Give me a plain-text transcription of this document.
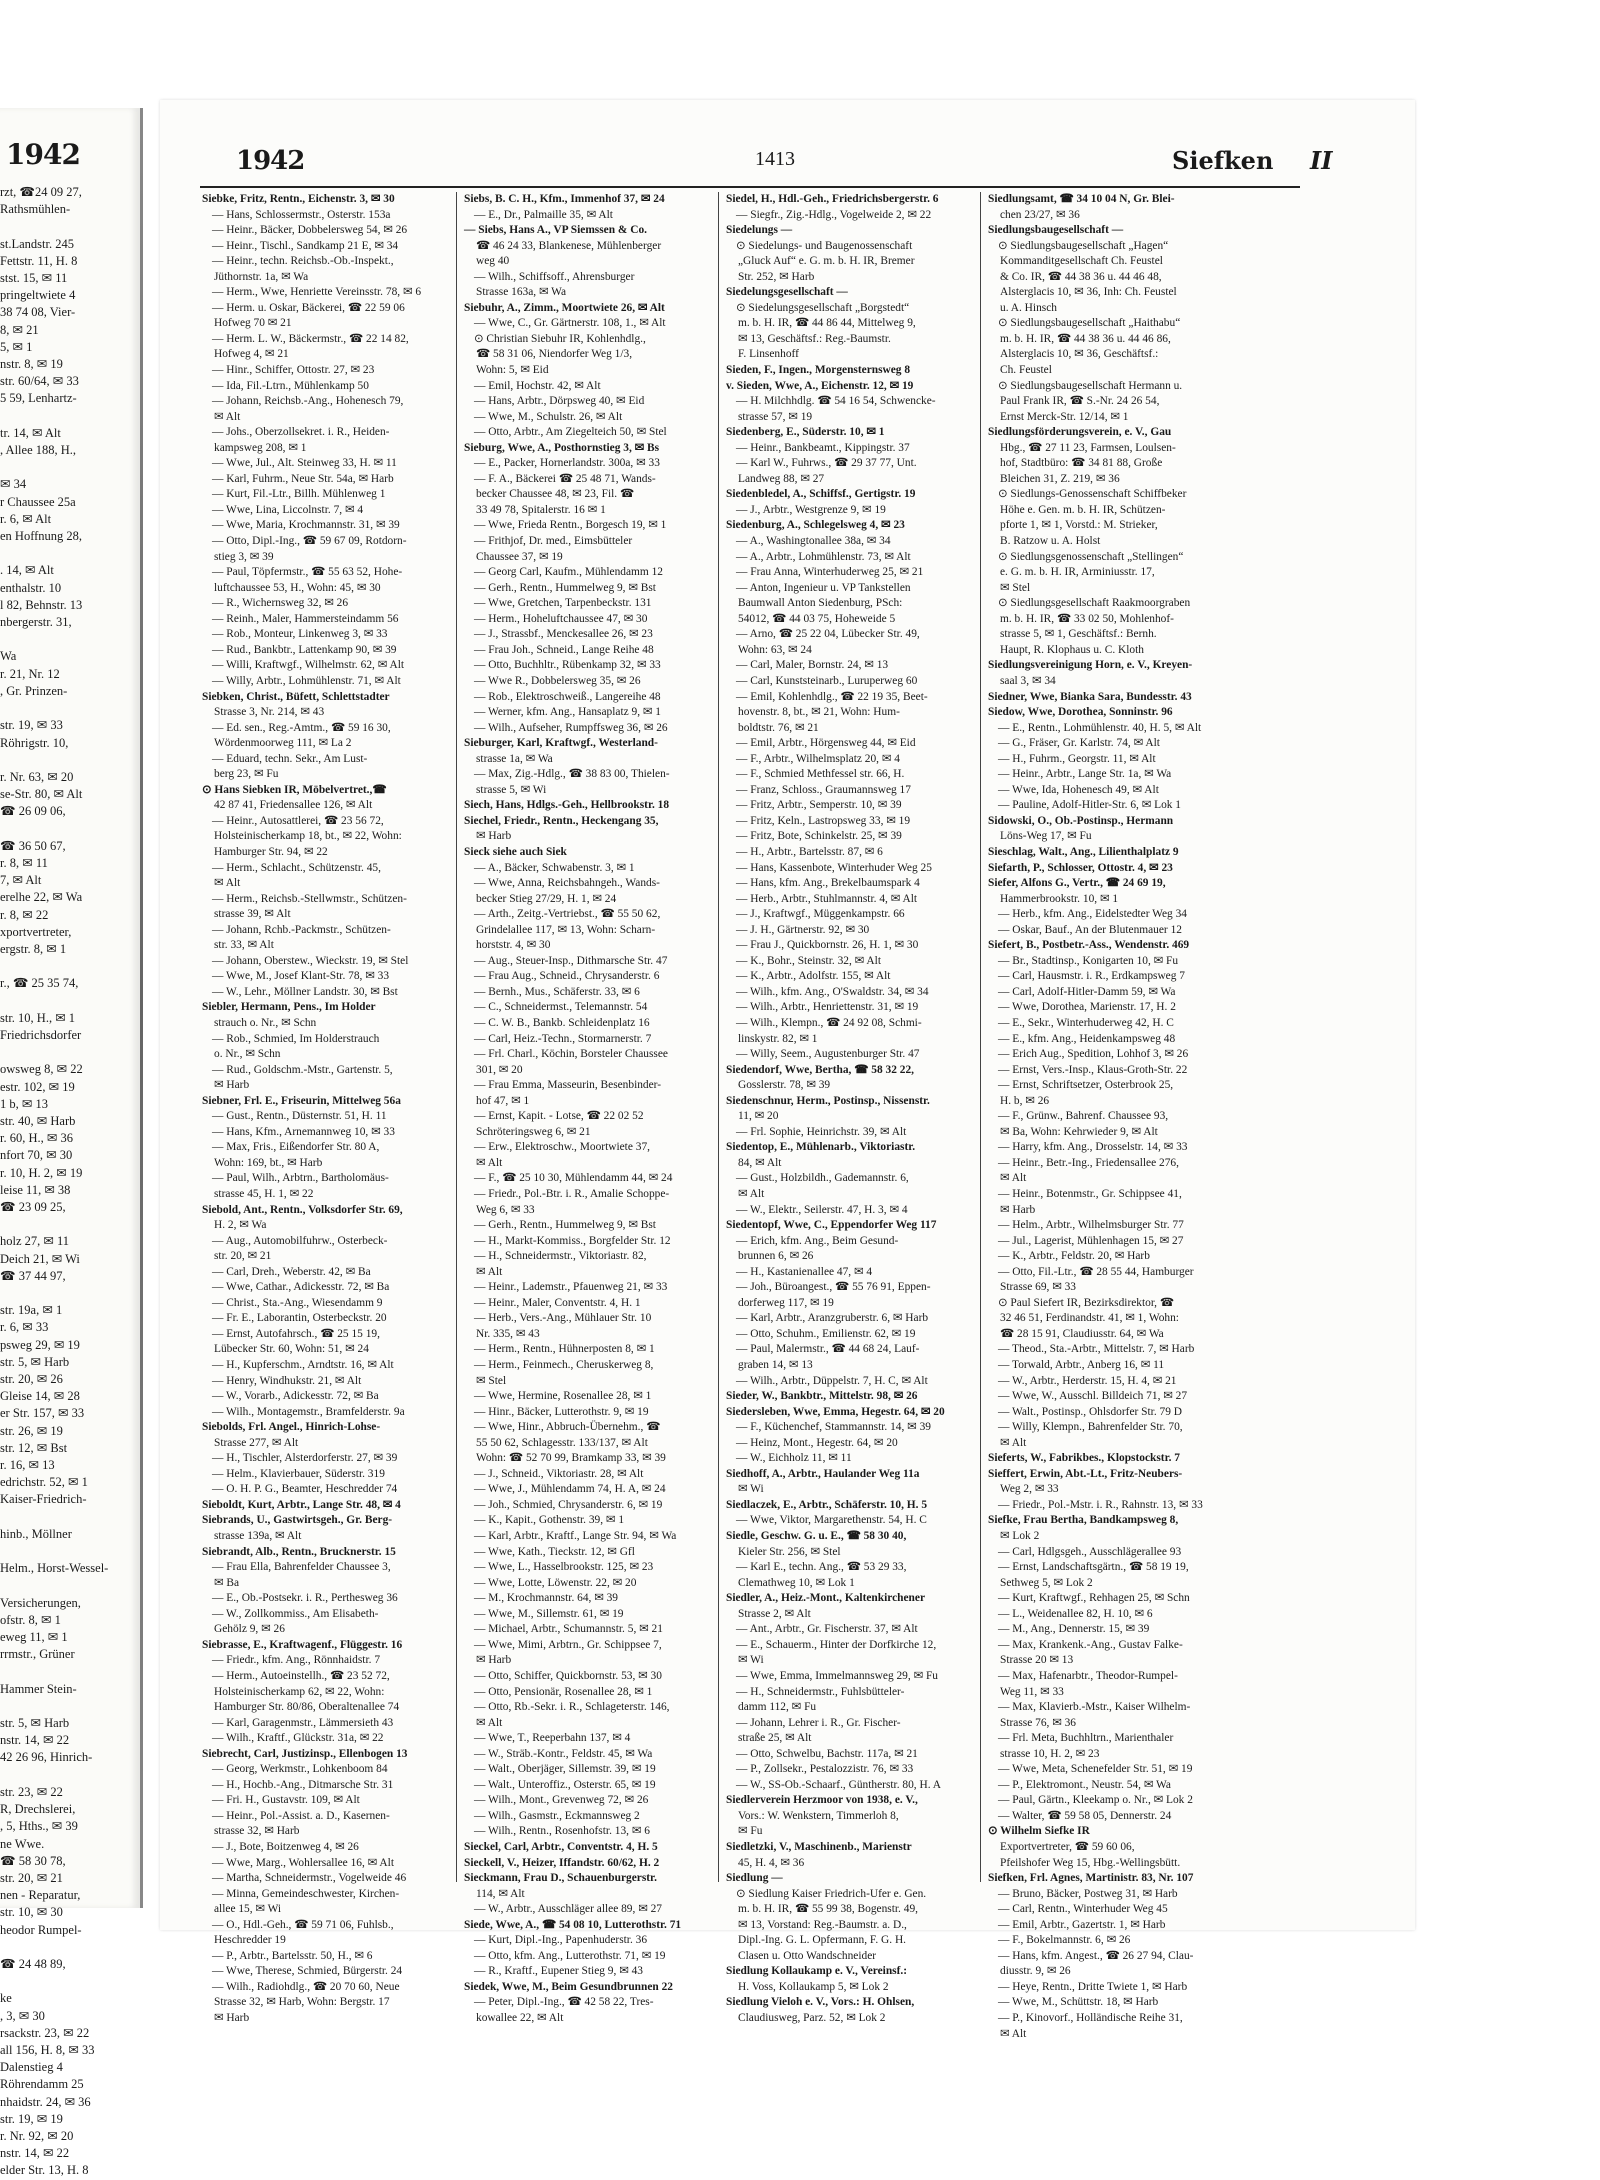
1942
rzt, ☎24 09 27,
Rathsmühlen-

st.Landstr. 245
Fettstr. 11, H. 8
stst. 15, ✉ 11
pringeltwiete 4
38 74 08, Vier-
8, ✉ 21
5, ✉ 1
nstr. 8, ✉ 19
str. 60/64, ✉ 33
5 59, Lenhartz-

tr. 14, ✉ Alt
, Allee 188, H.,

✉ 34
r Chaussee 25a
r. 6, ✉ Alt
en Hoffnung 28,

. 14, ✉ Alt
enthalstr. 10
l 82, Behnstr. 13
nbergerstr. 31,

Wa
r. 21, Nr. 12
, Gr. Prinzen-

str. 19, ✉ 33
Röhrigstr. 10,

r. Nr. 63, ✉ 20
se-Str. 80, ✉ Alt
☎ 26 09 06,

☎ 36 50 67,
r. 8, ✉ 11
7, ✉ Alt
erelhe 22, ✉ Wa
r. 8, ✉ 22
xportvertreter,
ergstr. 8, ✉ 1

r., ☎ 25 35 74,

str. 10, H., ✉ 1
Friedrichsdorfer

owsweg 8, ✉ 22
estr. 102, ✉ 19
1 b, ✉ 13
str. 40, ✉ Harb
r. 60, H., ✉ 36
nfort 70, ✉ 30
r. 10, H. 2, ✉ 19
leise 11, ✉ 38
☎ 23 09 25,

holz 27, ✉ 11
Deich 21, ✉ Wi
☎ 37 44 97,

str. 19a, ✉ 1
r. 6, ✉ 33
psweg 29, ✉ 19
str. 5, ✉ Harb
str. 20, ✉ 26
Gleise 14, ✉ 28
er Str. 157, ✉ 33
str. 26, ✉ 19
str. 12, ✉ Bst
r. 16, ✉ 13
edrichstr. 52, ✉ 1
Kaiser-Friedrich-

hinb., Möllner

Helm., Horst-Wessel-

Versicherungen,
ofstr. 8, ✉ 1
eweg 11, ✉ 1
rrmstr., Grüner

Hammer Stein-

str. 5, ✉ Harb
nstr. 14, ✉ 22
42 26 96, Hinrich-

str. 23, ✉ 22
R, Drechslerei,
, 5, Hths., ✉ 39
ne Wwe.
☎ 58 30 78,
str. 20, ✉ 21
nen - Reparatur,
str. 10, ✉ 30
heodor Rumpel-

☎ 24 48 89,

ke
, 3, ✉ 30
rsackstr. 23, ✉ 22
all 156, H. 8, ✉ 33
Dalenstieg 4
Röhrendamm 25
nhaidstr. 24, ✉ 36
str. 19, ✉ 19
r. Nr. 92, ✉ 20
nstr. 14, ✉ 22
elder Str. 13, H. 8
1942	1413	Siefken II
Siebke, Fritz, Rentn., Eichenstr. 3, ✉ 30
— Hans, Schlossermstr., Osterstr. 153a
— Heinr., Bäcker, Dobbelersweg 54, ✉ 26
— Heinr., Tischl., Sandkamp 21 E, ✉ 34
— Heinr., techn. Reichsb.-Ob.-Inspekt.,
Jüthornstr. 1a, ✉ Wa
— Herm., Wwe, Henriette Vereinsstr. 78, ✉ 6
— Herm. u. Oskar, Bäckerei, ☎ 22 59 06
Hofweg 70 ✉ 21
— Herm. L. W., Bäckermstr., ☎ 22 14 82,
Hofweg 4, ✉ 21
— Hinr., Schiffer, Ottostr. 27, ✉ 23
— Ida, Fil.-Ltrn., Mühlenkamp 50
— Johann, Reichsb.-Ang., Hohenesch 79,
✉ Alt
— Johs., Oberzollsekret. i. R., Heiden-
kampsweg 208, ✉ 1
— Wwe, Jul., Alt. Steinweg 33, H. ✉ 11
— Karl, Fuhrm., Neue Str. 54a, ✉ Harb
— Kurt, Fil.-Ltr., Billh. Mühlenweg 1
— Wwe, Lina, Liccolnstr. 7, ✉ 4
— Wwe, Maria, Krochmannstr. 31, ✉ 39
— Otto, Dipl.-Ing., ☎ 59 67 09, Rotdorn-
stieg 3, ✉ 39
— Paul, Töpfermstr., ☎ 55 63 52, Hohe-
luftchaussee 53, H., Wohn: 45, ✉ 30
— R., Wichernsweg 32, ✉ 26
— Reinh., Maler, Hammersteindamm 56
— Rob., Monteur, Linkenweg 3, ✉ 33
— Rud., Bankbtr., Lattenkamp 90, ✉ 39
— Willi, Kraftwgf., Wilhelmstr. 62, ✉ Alt
— Willy, Arbtr., Lohmühlenstr. 71, ✉ Alt
Siebken, Christ., Büfett, Schlettstadter
Strasse 3, Nr. 214, ✉ 43
— Ed. sen., Reg.-Amtm., ☎ 59 16 30,
Wördenmoorweg 111, ✉ La 2
— Eduard, techn. Sekr., Am Lust-
berg 23, ✉ Fu
⊙ Hans Siebken IR, Möbelvertret.,☎
42 87 41, Friedensallee 126, ✉ Alt
— Heinr., Autosattlerei, ☎ 23 56 72,
Holsteinischerkamp 18, bt., ✉ 22, Wohn:
Hamburger Str. 94, ✉ 22
— Herm., Schlacht., Schützenstr. 45,
✉ Alt
— Herm., Reichsb.-Stellwmstr., Schützen-
strasse 39, ✉ Alt
— Johann, Rchb.-Packmstr., Schützen-
str. 33, ✉ Alt
— Johann, Oberstew., Wieckstr. 19, ✉ Stel
— Wwe, M., Josef Klant-Str. 78, ✉ 33
— W., Lehr., Möllner Landstr. 30, ✉ Bst
Siebler, Hermann, Pens., Im Holder
strauch o. Nr., ✉ Schn
— Rob., Schmied, Im Holderstrauch
o. Nr., ✉ Schn
— Rud., Goldschm.-Mstr., Gartenstr. 5,
✉ Harb
Siebner, Frl. E., Friseurin, Mittelweg 56a
— Gust., Rentn., Düsternstr. 51, H. 11
— Hans, Kfm., Arnemannweg 10, ✉ 33
— Max, Fris., Eißendorfer Str. 80 A,
Wohn: 169, bt., ✉ Harb
— Paul, Wilh., Arbtrn., Bartholomäus-
strasse 45, H. 1, ✉ 22
Siebold, Ant., Rentn., Volksdorfer Str. 69,
H. 2, ✉ Wa
— Aug., Automobilfuhrw., Osterbeck-
str. 20, ✉ 21
— Carl, Dreh., Weberstr. 42, ✉ Ba
— Wwe, Cathar., Adickesstr. 72, ✉ Ba
— Christ., Sta.-Ang., Wiesendamm 9
— Fr. E., Laborantin, Osterbeckstr. 20
— Ernst, Autofahrsch., ☎ 25 15 19,
Lübecker Str. 60, Wohn: 51, ✉ 24
— H., Kupferschm., Arndtstr. 16, ✉ Alt
— Henry, Windhukstr. 21, ✉ Alt
— W., Vorarb., Adickesstr. 72, ✉ Ba
— Wilh., Montagemstr., Bramfelderstr. 9a
Siebolds, Frl. Angel., Hinrich-Lohse-
Strasse 277, ✉ Alt
— H., Tischler, Alsterdorferstr. 27, ✉ 39
— Helm., Klavierbauer, Süderstr. 319
— O. H. P. G., Beamter, Heschredder 74
Sieboldt, Kurt, Arbtr., Lange Str. 48, ✉ 4
Siebrands, U., Gastwirtsgeh., Gr. Berg-
strasse 139a, ✉ Alt
Siebrandt, Alb., Rentn., Brucknerstr. 15
— Frau Ella, Bahrenfelder Chaussee 3,
✉ Ba
— E., Ob.-Postsekr. i. R., Perthesweg 36
— W., Zollkommiss., Am Elisabeth-
Gehölz 9, ✉ 26
Siebrasse, E., Kraftwagenf., Flüggestr. 16
— Friedr., kfm. Ang., Rönnhaidstr. 7
— Herm., Autoeinstellh., ☎ 23 52 72,
Holsteinischerkamp 62, ✉ 22, Wohn:
Hamburger Str. 80/86, Oberaltenallee 74
— Karl, Garagenmstr., Lämmersieth 43
— Wilh., Kraftf., Glückstr. 31a, ✉ 22
Siebrecht, Carl, Justizinsp., Ellenbogen 13
— Georg, Werkmstr., Lohkenboom 84
— H., Hochb.-Ang., Ditmarsche Str. 31
— Fri. H., Gustavstr. 109, ✉ Alt
— Heinr., Pol.-Assist. a. D., Kasernen-
strasse 32, ✉ Harb
— J., Bote, Boitzenweg 4, ✉ 26
— Wwe, Marg., Wohlersallee 16, ✉ Alt
— Martha, Schneidermstr., Vogelweide 46
— Minna, Gemeindeschwester, Kirchen-
allee 15, ✉ Wi
— O., Hdl.-Geh., ☎ 59 71 06, Fuhlsb.,
Heschredder 19
— P., Arbtr., Bartelsstr. 50, H., ✉ 6
— Wwe, Therese, Schmied, Bürgerstr. 24
— Wilh., Radiohdlg., ☎ 20 70 60, Neue
Strasse 32, ✉ Harb, Wohn: Bergstr. 17
✉ Harb
Siebs, B. C. H., Kfm., Immenhof 37, ✉ 24
— E., Dr., Palmaille 35, ✉ Alt
— Siebs, Hans A., VP Siemssen & Co.
☎ 46 24 33, Blankenese, Mühlenberger
weg 40
— Wilh., Schiffsoff., Ahrensburger
Strasse 163a, ✉ Wa
Siebuhr, A., Zimm., Moortwiete 26, ✉ Alt
— Wwe, C., Gr. Gärtnerstr. 108, 1., ✉ Alt
⊙ Christian Siebuhr IR, Kohlenhdlg.,
☎ 58 31 06, Niendorfer Weg 1/3,
Wohn: 5, ✉ Eid
— Emil, Hochstr. 42, ✉ Alt
— Hans, Arbtr., Dörpsweg 40, ✉ Eid
— Wwe, M., Schulstr. 26, ✉ Alt
— Otto, Arbtr., Am Ziegelteich 50, ✉ Stel
Sieburg, Wwe, A., Posthornstieg 3, ✉ Bs
— E., Packer, Hornerlandstr. 300a, ✉ 33
— F. A., Bäckerei ☎ 25 48 71, Wands-
becker Chaussee 48, ✉ 23, Fil. ☎
33 49 78, Spitalerstr. 16 ✉ 1
— Wwe, Frieda Rentn., Borgesch 19, ✉ 1
— Frithjof, Dr. med., Eimsbütteler
Chaussee 37, ✉ 19
— Georg Carl, Kaufm., Mühlendamm 12
— Gerh., Rentn., Hummelweg 9, ✉ Bst
— Wwe, Gretchen, Tarpenbeckstr. 131
— Herm., Hoheluftchaussee 47, ✉ 30
— J., Strassbf., Menckesallee 26, ✉ 23
— Frau Joh., Schneid., Lange Reihe 48
— Otto, Buchhltr., Rübenkamp 32, ✉ 33
— Wwe R., Dobbelersweg 35, ✉ 26
— Rob., Elektroschweiß., Langereihe 48
— Werner, kfm. Ang., Hansaplatz 9, ✉ 1
— Wilh., Aufseher, Rumpffsweg 36, ✉ 26
Sieburger, Karl, Kraftwgf., Westerland-
strasse 1a, ✉ Wa
— Max, Zig.-Hdlg., ☎ 38 83 00, Thielen-
strasse 5, ✉ Wi
Siech, Hans, Hdlgs.-Geh., Hellbrookstr. 18
Siechel, Friedr., Rentn., Heckengang 35,
✉ Harb
Sieck siehe auch Siek
— A., Bäcker, Schwabenstr. 3, ✉ 1
— Wwe, Anna, Reichsbahngeh., Wands-
becker Stieg 27/29, H. 1, ✉ 24
— Arth., Zeitg.-Vertriebst., ☎ 55 50 62,
Grindelallee 117, ✉ 13, Wohn: Scharn-
horststr. 4, ✉ 30
— Aug., Steuer-Insp., Dithmarsche Str. 47
— Frau Aug., Schneid., Chrysanderstr. 6
— Bernh., Mus., Schäferstr. 33, ✉ 6
— C., Schneidermst., Telemannstr. 54
— C. W. B., Bankb. Schleidenplatz 16
— Carl, Heiz.-Techn., Stormarnerstr. 7
— Frl. Charl., Köchin, Borsteler Chaussee
301, ✉ 20
— Frau Emma, Masseurin, Besenbinder-
hof 47, ✉ 1
— Ernst, Kapit. - Lotse, ☎ 22 02 52
Schröteringsweg 6, ✉ 21
— Erw., Elektroschw., Moortwiete 37,
✉ Alt
— F., ☎ 25 10 30, Mühlendamm 44, ✉ 24
— Friedr., Pol.-Btr. i. R., Amalie Schoppe-
Weg 6, ✉ 33
— Gerh., Rentn., Hummelweg 9, ✉ Bst
— H., Markt-Kommiss., Borgfelder Str. 12
— H., Schneidermstr., Viktoriastr. 82,
✉ Alt
— Heinr., Lademstr., Pfauenweg 21, ✉ 33
— Heinr., Maler, Conventstr. 4, H. 1
— Herb., Vers.-Ang., Mühlauer Str. 10
Nr. 335, ✉ 43
— Herm., Rentn., Hühnerposten 8, ✉ 1
— Herm., Feinmech., Cheruskerweg 8,
✉ Stel
— Wwe, Hermine, Rosenallee 28, ✉ 1
— Hinr., Bäcker, Lutterothstr. 9, ✉ 19
— Wwe, Hinr., Abbruch-Übernehm., ☎
55 50 62, Schlagesstr. 133/137, ✉ Alt
Wohn: ☎ 52 70 99, Bramkamp 33, ✉ 39
— J., Schneid., Viktoriastr. 28, ✉ Alt
— Wwe, J., Mühlendamm 74, H. A, ✉ 24
— Joh., Schmied, Chrysanderstr. 6, ✉ 19
— K., Kapit., Gothenstr. 39, ✉ 1
— Karl, Arbtr., Kraftf., Lange Str. 94, ✉ Wa
— Wwe, Kath., Tieckstr. 12, ✉ Gfl
— Wwe, L., Hasselbrookstr. 125, ✉ 23
— Wwe, Lotte, Löwenstr. 22, ✉ 20
— M., Krochmannstr. 64, ✉ 39
— Wwe, M., Sillemstr. 61, ✉ 19
— Michael, Arbtr., Schumannstr. 5, ✉ 21
— Wwe, Mimi, Arbtrn., Gr. Schippsee 7,
✉ Harb
— Otto, Schiffer, Quickbornstr. 53, ✉ 30
— Otto, Pensionär, Rosenallee 28, ✉ 1
— Otto, Rb.-Sekr. i. R., Schlageterstr. 146,
✉ Alt
— Wwe, T., Reeperbahn 137, ✉ 4
— W., Sträb.-Kontr., Feldstr. 45, ✉ Wa
— Walt., Oberjäger, Sillemstr. 39, ✉ 19
— Walt., Unteroffiz., Osterstr. 65, ✉ 19
— Wilh., Mont., Grevenweg 72, ✉ 26
— Wilh., Gasmstr., Eckmannsweg 2
— Wilh., Rentn., Rosenhofstr. 13, ✉ 6
Sieckel, Carl, Arbtr., Conventstr. 4, H. 5
Sieckell, V., Heizer, Iffandstr. 60/62, H. 2
Sieckmann, Frau D., Schauenburgerstr.
114, ✉ Alt
— W., Arbtr., Ausschläger allee 89, ✉ 27
Siede, Wwe, A., ☎ 54 08 10, Lutterothstr. 71
— Kurt, Dipl.-Ing., Papenhuderstr. 36
— Otto, kfm. Ang., Lutterothstr. 71, ✉ 19
— R., Kraftf., Eupener Stieg 9, ✉ 43
Siedek, Wwe, M., Beim Gesundbrunnen 22
— Peter, Dipl.-Ing., ☎ 42 58 22, Tres-
kowallee 22, ✉ Alt
Siedel, H., Hdl.-Geh., Friedrichsbergerstr. 6
— Siegfr., Zig.-Hdlg., Vogelweide 2, ✉ 22
Siedelungs —
⊙ Siedelungs- und Baugenossenschaft
„Gluck Auf“ e. G. m. b. H. IR, Bremer
Str. 252, ✉ Harb
Siedelungsgesellschaft —
⊙ Siedelungsgesellschaft „Borgstedt“
m. b. H. IR, ☎ 44 86 44, Mittelweg 9,
✉ 13, Geschäftsf.: Reg.-Baumstr.
F. Linsenhoff
Sieden, F., Ingen., Morgensternsweg 8
v. Sieden, Wwe, A., Eichenstr. 12, ✉ 19
— H. Milchhdlg. ☎ 54 16 54, Schwencke-
strasse 57, ✉ 19
Siedenberg, E., Süderstr. 10, ✉ 1
— Heinr., Bankbeamt., Kippingstr. 37
— Karl W., Fuhrws., ☎ 29 37 77, Unt.
Landweg 88, ✉ 27
Siedenbledel, A., Schiffsf., Gertigstr. 19
— J., Arbtr., Westgrenze 9, ✉ 19
Siedenburg, A., Schlegelsweg 4, ✉ 23
— A., Washingtonallee 38a, ✉ 34
— A., Arbtr., Lohmühlenstr. 73, ✉ Alt
— Frau Anna, Winterhuderweg 25, ✉ 21
— Anton, Ingenieur u. VP Tankstellen
Baumwall Anton Siedenburg, PSch:
54012, ☎ 44 03 75, Hoheweide 5
— Arno, ☎ 25 22 04, Lübecker Str. 49,
Wohn: 63, ✉ 24
— Carl, Maler, Bornstr. 24, ✉ 13
— Carl, Kunststeinarb., Luruperweg 60
— Emil, Kohlenhdlg., ☎ 22 19 35, Beet-
hovenstr. 8, bt., ✉ 21, Wohn: Hum-
boldtstr. 76, ✉ 21
— Emil, Arbtr., Hörgensweg 44, ✉ Eid
— F., Arbtr., Wilhelmsplatz 20, ✉ 4
— F., Schmied Methfessel str. 66, H.
— Franz, Schloss., Graumannsweg 17
— Fritz, Arbtr., Semperstr. 10, ✉ 39
— Fritz, Keln., Lastropsweg 33, ✉ 19
— Fritz, Bote, Schinkelstr. 25, ✉ 39
— H., Arbtr., Bartelsstr. 87, ✉ 6
— Hans, Kassenbote, Winterhuder Weg 25
— Hans, kfm. Ang., Brekelbaumspark 4
— Herb., Arbtr., Stuhlmannstr. 4, ✉ Alt
— J., Kraftwgf., Müggenkampstr. 66
— J. H., Gärtnerstr. 92, ✉ 30
— Frau J., Quickbornstr. 26, H. 1, ✉ 30
— K., Bohr., Steinstr. 32, ✉ Alt
— K., Arbtr., Adolfstr. 155, ✉ Alt
— Wilh., kfm. Ang., O'Swaldstr. 34, ✉ 34
— Wilh., Arbtr., Henriettenstr. 31, ✉ 19
— Wilh., Klempn., ☎ 24 92 08, Schmi-
linskystr. 82, ✉ 1
— Willy, Seem., Augustenburger Str. 47
Siedendorf, Wwe, Bertha, ☎ 58 32 22,
Gosslerstr. 78, ✉ 39
Siedenschnur, Herm., Postinsp., Nissenstr.
11, ✉ 20
— Frl. Sophie, Heinrichstr. 39, ✉ Alt
Siedentop, E., Mühlenarb., Viktoriastr.
84, ✉ Alt
— Gust., Holzbildh., Gademannstr. 6,
✉ Alt
— W., Elektr., Seilerstr. 47, H. 3, ✉ 4
Siedentopf, Wwe, C., Eppendorfer Weg 117
— Erich, kfm. Ang., Beim Gesund-
brunnen 6, ✉ 26
— H., Kastanienallee 47, ✉ 4
— Joh., Büroangest., ☎ 55 76 91, Eppen-
dorferweg 117, ✉ 19
— Karl, Arbtr., Aranzgruberstr. 6, ✉ Harb
— Otto, Schuhm., Emilienstr. 62, ✉ 19
— Paul, Malermstr., ☎ 44 68 24, Lauf-
graben 14, ✉ 13
— Wilh., Arbtr., Düppelstr. 7, H. C, ✉ Alt
Sieder, W., Bankbtr., Mittelstr. 98, ✉ 26
Siedersleben, Wwe, Emma, Hegestr. 64, ✉ 20
— F., Küchenchef, Stammannstr. 14, ✉ 39
— Heinz, Mont., Hegestr. 64, ✉ 20
— W., Eichholz 11, ✉ 11
Siedhoff, A., Arbtr., Haulander Weg 11a
✉ Wi
Siedlaczek, E., Arbtr., Schäferstr. 10, H. 5
— Wwe, Viktor, Margarethenstr. 54, H. C
Siedle, Geschw. G. u. E., ☎ 58 30 40,
Kieler Str. 256, ✉ Stel
— Karl E., techn. Ang., ☎ 53 29 33,
Clemathweg 10, ✉ Lok 1
Siedler, A., Heiz.-Mont., Kaltenkirchener
Strasse 2, ✉ Alt
— Ant., Arbtr., Gr. Fischerstr. 37, ✉ Alt
— E., Schauerm., Hinter der Dorfkirche 12,
✉ Wi
— Wwe, Emma, Immelmannsweg 29, ✉ Fu
— H., Schneidermstr., Fuhlsbütteler-
damm 112, ✉ Fu
— Johann, Lehrer i. R., Gr. Fischer-
straße 25, ✉ Alt
— Otto, Schwelbu, Bachstr. 117a, ✉ 21
— P., Zollsekr., Pestalozzistr. 76, ✉ 33
— W., SS-Ob.-Schaarf., Güntherstr. 80, H. A
Siedlerverein Herzmoor von 1938, e. V.,
Vors.: W. Wenkstern, Timmerloh 8,
✉ Fu
Siedletzki, V., Maschinenb., Marienstr
45, H. 4, ✉ 36
Siedlung —
⊙ Siedlung Kaiser Friedrich-Ufer e. Gen.
m. b. H. IR, ☎ 55 99 38, Bogenstr. 49,
✉ 13, Vorstand: Reg.-Baumstr. a. D.,
Dipl.-Ing. G. L. Opfermann, F. G. H.
Clasen u. Otto Wandschneider
Siedlung Kollaukamp e. V., Vereinsf.:
H. Voss, Kollaukamp 5, ✉ Lok 2
Siedlung Vieloh e. V., Vors.: H. Ohlsen,
Claudiusweg, Parz. 52, ✉ Lok 2
Siedlungsamt, ☎ 34 10 04 N, Gr. Blei-
chen 23/27, ✉ 36
Siedlungsbaugesellschaft —
⊙ Siedlungsbaugesellschaft „Hagen“
Kommanditgesellschaft Ch. Feustel
& Co. IR, ☎ 44 38 36 u. 44 46 48,
Alsterglacis 10, ✉ 36, Inh: Ch. Feustel
u. A. Hinsch
⊙ Siedlungsbaugesellschaft „Haithabu“
m. b. H. IR, ☎ 44 38 36 u. 44 46 86,
Alsterglacis 10, ✉ 36, Geschäftsf.:
Ch. Feustel
⊙ Siedlungsbaugesellschaft Hermann u.
Paul Frank IR, ☎ S.-Nr. 24 26 54,
Ernst Merck-Str. 12/14, ✉ 1
Siedlungsförderungsverein, e. V., Gau
Hbg., ☎ 27 11 23, Farmsen, Loulsen-
hof, Stadtbüro: ☎ 34 81 88, Große
Bleichen 31, Z. 219, ✉ 36
⊙ Siedlungs-Genossenschaft Schiffbeker
Höhe e. Gen. m. b. H. IR, Schützen-
pforte 1, ✉ 1, Vorstd.: M. Strieker,
B. Ratzow u. A. Holst
⊙ Siedlungsgenossenschaft „Stellingen“
e. G. m. b. H. IR, Arminiusstr. 17,
✉ Stel
⊙ Siedlungsgesellschaft Raakmoorgraben
m. b. H. IR, ☎ 33 02 50, Mohlenhof-
strasse 5, ✉ 1, Geschäftsf.: Bernh.
Haupt, R. Klophaus u. C. Kloth
Siedlungsvereinigung Horn, e. V., Kreyen-
saal 3, ✉ 34
Siedner, Wwe, Bianka Sara, Bundesstr. 43
Siedow, Wwe, Dorothea, Sonninstr. 96
— E., Rentn., Lohmühlenstr. 40, H. 5, ✉ Alt
— G., Fräser, Gr. Karlstr. 74, ✉ Alt
— H., Fuhrm., Georgstr. 11, ✉ Alt
— Heinr., Arbtr., Lange Str. 1a, ✉ Wa
— Wwe, Ida, Hohenesch 49, ✉ Alt
— Pauline, Adolf-Hitler-Str. 6, ✉ Lok 1
Sidowski, O., Ob.-Postinsp., Hermann
Löns-Weg 17, ✉ Fu
Sieschlag, Walt., Ang., Lilienthalplatz 9
Siefarth, P., Schlosser, Ottostr. 4, ✉ 23
Siefer, Alfons G., Vertr., ☎ 24 69 19,
Hammerbrookstr. 10, ✉ 1
— Herb., kfm. Ang., Eidelstedter Weg 34
— Oskar, Bauf., An der Blutenmauer 12
Siefert, B., Postbetr.-Ass., Wendenstr. 469
— Br., Stadtinsp., Konigarten 10, ✉ Fu
— Carl, Hausmstr. i. R., Erdkampsweg 7
— Carl, Adolf-Hitler-Damm 59, ✉ Wa
— Wwe, Dorothea, Marienstr. 17, H. 2
— E., Sekr., Winterhuderweg 42, H. C
— E., kfm. Ang., Heidenkampsweg 48
— Erich Aug., Spedition, Lohhof 3, ✉ 26
— Ernst, Vers.-Insp., Klaus-Groth-Str. 22
— Ernst, Schriftsetzer, Osterbrook 25,
H. b, ✉ 26
— F., Grünw., Bahrenf. Chaussee 93,
✉ Ba, Wohn: Kehrwieder 9, ✉ Alt
— Harry, kfm. Ang., Drosselstr. 14, ✉ 33
— Heinr., Betr.-Ing., Friedensallee 276,
✉ Alt
— Heinr., Botenmstr., Gr. Schippsee 41,
✉ Harb
— Helm., Arbtr., Wilhelmsburger Str. 77
— Jul., Lagerist, Mühlenhagen 15, ✉ 27
— K., Arbtr., Feldstr. 20, ✉ Harb
— Otto, Fil.-Ltr., ☎ 28 55 44, Hamburger
Strasse 69, ✉ 33
⊙ Paul Siefert IR, Bezirksdirektor, ☎
32 46 51, Ferdinandstr. 41, ✉ 1, Wohn:
☎ 28 15 91, Claudiusstr. 64, ✉ Wa
— Theod., Sta.-Arbtr., Mittelstr. 7, ✉ Harb
— Torwald, Arbtr., Anberg 16, ✉ 11
— W., Arbtr., Herderstr. 15, H. 4, ✉ 21
— Wwe, W., Ausschl. Billdeich 71, ✉ 27
— Walt., Postinsp., Ohlsdorfer Str. 79 D
— Willy, Klempn., Bahrenfelder Str. 70,
✉ Alt
Sieferts, W., Fabrikbes., Klopstockstr. 7
Sieffert, Erwin, Abt.-Lt., Fritz-Neubers-
Weg 2, ✉ 33
— Friedr., Pol.-Mstr. i. R., Rahnstr. 13, ✉ 33
Siefke, Frau Bertha, Bandkampsweg 8,
✉ Lok 2
— Carl, Hdlgsgeh., Ausschlägerallee 93
— Ernst, Landschaftsgärtn., ☎ 58 19 19,
Sethweg 5, ✉ Lok 2
— Kurt, Kraftwgf., Rehhagen 25, ✉ Schn
— L., Weidenallee 82, H. 10, ✉ 6
— M., Ang., Dennerstr. 15, ✉ 39
— Max, Krankenk.-Ang., Gustav Falke-
Strasse 20 ✉ 13
— Max, Hafenarbtr., Theodor-Rumpel-
Weg 11, ✉ 33
— Max, Klavierb.-Mstr., Kaiser Wilhelm-
Strasse 76, ✉ 36
— Frl. Meta, Buchhltrn., Marienthaler
strasse 10, H. 2, ✉ 23
— Wwe, Meta, Schenefelder Str. 51, ✉ 19
— P., Elektromont., Neustr. 54, ✉ Wa
— Paul, Gärtn., Kleekamp o. Nr., ✉ Lok 2
— Walter, ☎ 59 58 05, Dennerstr. 24
⊙ Wilhelm Siefke IR
Exportvertreter, ☎ 59 60 06,
Pfeilshofer Weg 15, Hbg.-Wellingsbütt.
Siefken, Frl. Agnes, Martinistr. 83, Nr. 107
— Bruno, Bäcker, Postweg 31, ✉ Harb
— Carl, Rentn., Winterhuder Weg 45
— Emil, Arbtr., Gazertstr. 1, ✉ Harb
— F., Bokelmannstr. 6, ✉ 26
— Hans, kfm. Angest., ☎ 26 27 94, Clau-
diusstr. 9, ✉ 26
— Heye, Rentn., Dritte Twiete 1, ✉ Harb
— Wwe, M., Schüttstr. 18, ✉ Harb
— P., Kinovorf., Holländische Reihe 31,
✉ Alt
